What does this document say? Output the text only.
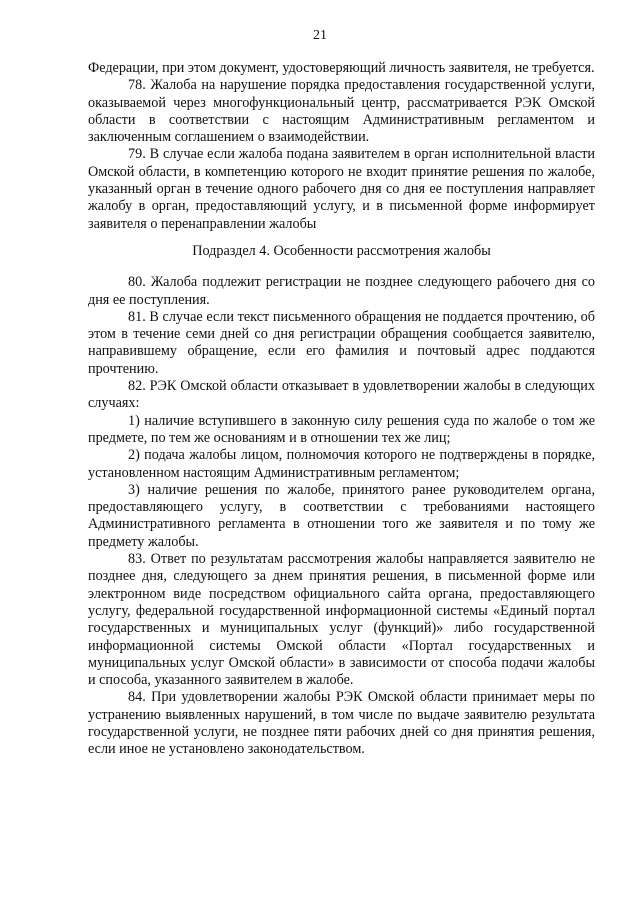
21

Федерации, при этом документ, удостоверяющий личность заявителя, не требуется.

78. Жалоба на нарушение порядка предоставления государственной услуги, оказываемой через многофункциональный центр, рассматривается РЭК Омской области в соответствии с настоящим Административным регламентом и заключенным соглашением о взаимодействии.

79. В случае если жалоба подана заявителем в орган исполнительной власти Омской области, в компетенцию которого не входит принятие решения по жалобе, указанный орган в течение одного рабочего дня со дня ее поступления направляет жалобу в орган, предоставляющий услугу, и в письменной форме информирует заявителя о перенаправлении жалобы

Подраздел 4. Особенности рассмотрения жалобы

80. Жалоба подлежит регистрации не позднее следующего рабочего дня со дня ее поступления.

81. В случае если текст письменного обращения не поддается прочтению, об этом в течение семи дней со дня регистрации обращения сообщается заявителю, направившему обращение, если его фамилия и почтовый адрес поддаются прочтению.

82. РЭК Омской области отказывает в удовлетворении жалобы в следующих случаях:

1) наличие вступившего в законную силу решения суда по жалобе о том же предмете, по тем же основаниям и в отношении тех же лиц;

2) подача жалобы лицом, полномочия которого не подтверждены в порядке, установленном настоящим Административным регламентом;

3) наличие решения по жалобе, принятого ранее руководителем органа, предоставляющего услугу, в соответствии с требованиями настоящего Административного регламента в отношении того же заявителя и по тому же предмету жалобы.

83. Ответ по результатам рассмотрения жалобы направляется заявителю не позднее дня, следующего за днем принятия решения, в письменной форме или электронном виде посредством официального сайта органа, предоставляющего услугу, федеральной государственной информационной системы «Единый портал государственных и муниципальных услуг (функций)» либо государственной информационной системы Омской области «Портал государственных и муниципальных услуг Омской области» в зависимости от способа подачи жалобы и способа, указанного заявителем в жалобе.

84. При удовлетворении жалобы РЭК Омской области принимает меры по устранению выявленных нарушений, в том числе по выдаче заявителю результата государственной услуги, не позднее пяти рабочих дней со дня принятия решения, если иное не установлено законодательством.
